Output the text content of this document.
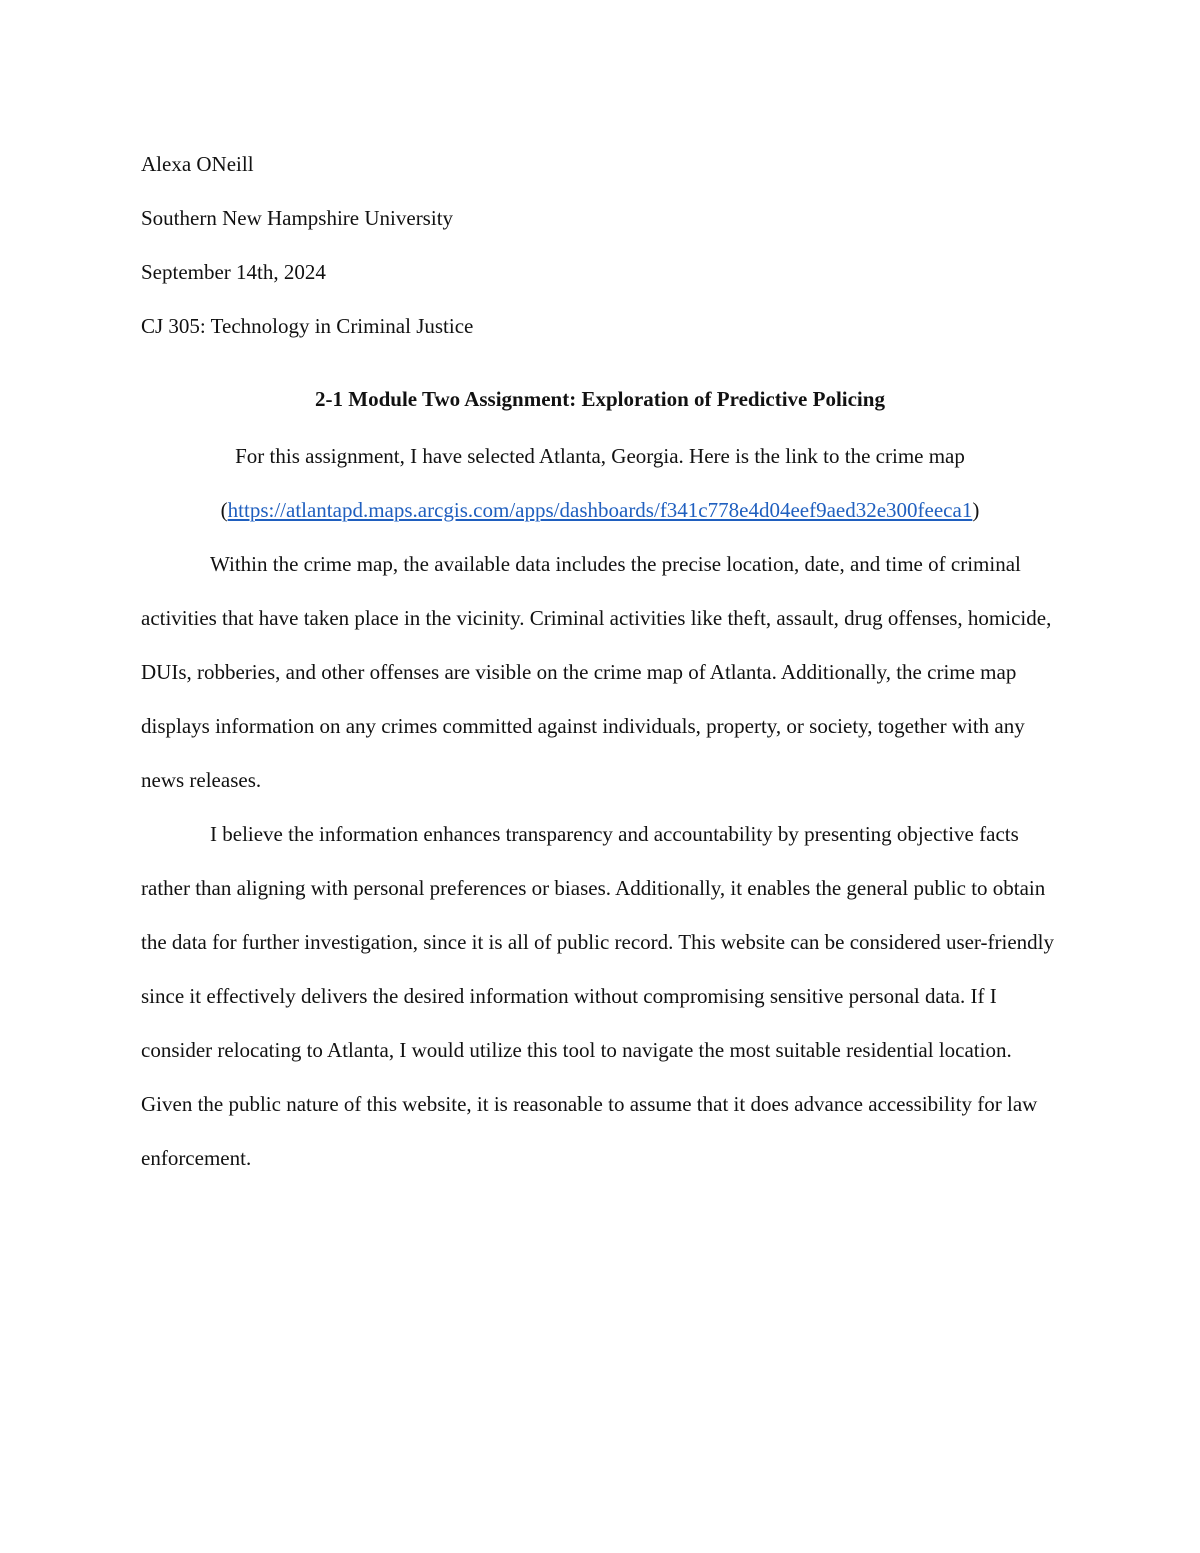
Alexa ONeill
Southern New Hampshire University
September 14th, 2024
CJ 305: Technology in Criminal Justice
2-1 Module Two Assignment: Exploration of Predictive Policing
For this assignment, I have selected Atlanta, Georgia. Here is the link to the crime map
(https://atlantapd.maps.arcgis.com/apps/dashboards/f341c778e4d04eef9aed32e300feeca1)

Within the crime map, the available data includes the precise location, date, and time of criminal activities that have taken place in the vicinity. Criminal activities like theft, assault, drug offenses, homicide, DUIs, robberies, and other offenses are visible on the crime map of Atlanta. Additionally, the crime map displays information on any crimes committed against individuals, property, or society, together with any news releases.

I believe the information enhances transparency and accountability by presenting objective facts rather than aligning with personal preferences or biases. Additionally, it enables the general public to obtain the data for further investigation, since it is all of public record. This website can be considered user-friendly since it effectively delivers the desired information without compromising sensitive personal data. If I consider relocating to Atlanta, I would utilize this tool to navigate the most suitable residential location. Given the public nature of this website, it is reasonable to assume that it does advance accessibility for law enforcement.
